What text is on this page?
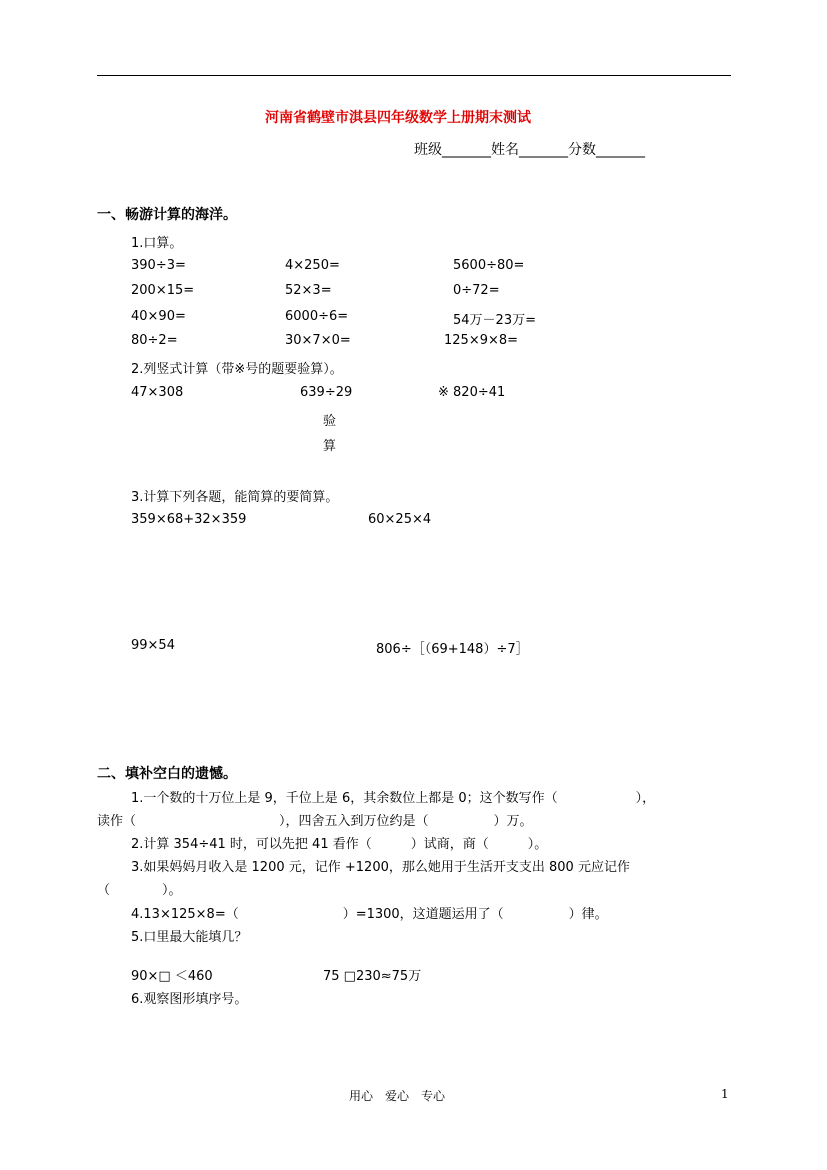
河南省鹤壁市淇县四年级数学上册期末测试
班级_______姓名_______分数_______
一、畅游计算的海洋。
1.口算。
390÷3=	4×250=	5600÷80=
200×15=	52×3=	0÷72=
40×90=	6000÷6=	54万－23万=
80÷2=	30×7×0=	125×9×8=
2.列竖式计算（带※号的题要验算）。
47×308	639÷29	※ 820÷41
验
算
3.计算下列各题，能简算的要简算。
359×68+32×359	60×25×4
99×54	806÷［（69+148）÷7］
二、填补空白的遗憾。
1.一个数的十万位上是 9，千位上是 6，其余数位上都是 0；这个数写作（　　　　　　），
读作（　　　　　　　　　　　），四舍五入到万位约是（　　　　　）万。
2.计算 354÷41 时，可以先把 41 看作（　　　）试商，商（　　　）。
3.如果妈妈月收入是 1200 元，记作 +1200，那么她用于生活开支支出 800 元应记作
（　　　　）。
4.13×125×8=（　　　　　　　　）=1300，这道题运用了（　　　　　）律。
5.口里最大能填几？
90×□ ＜460	75 □230≈75万
6.观察图形填序号。
用心　爱心　专心	1
